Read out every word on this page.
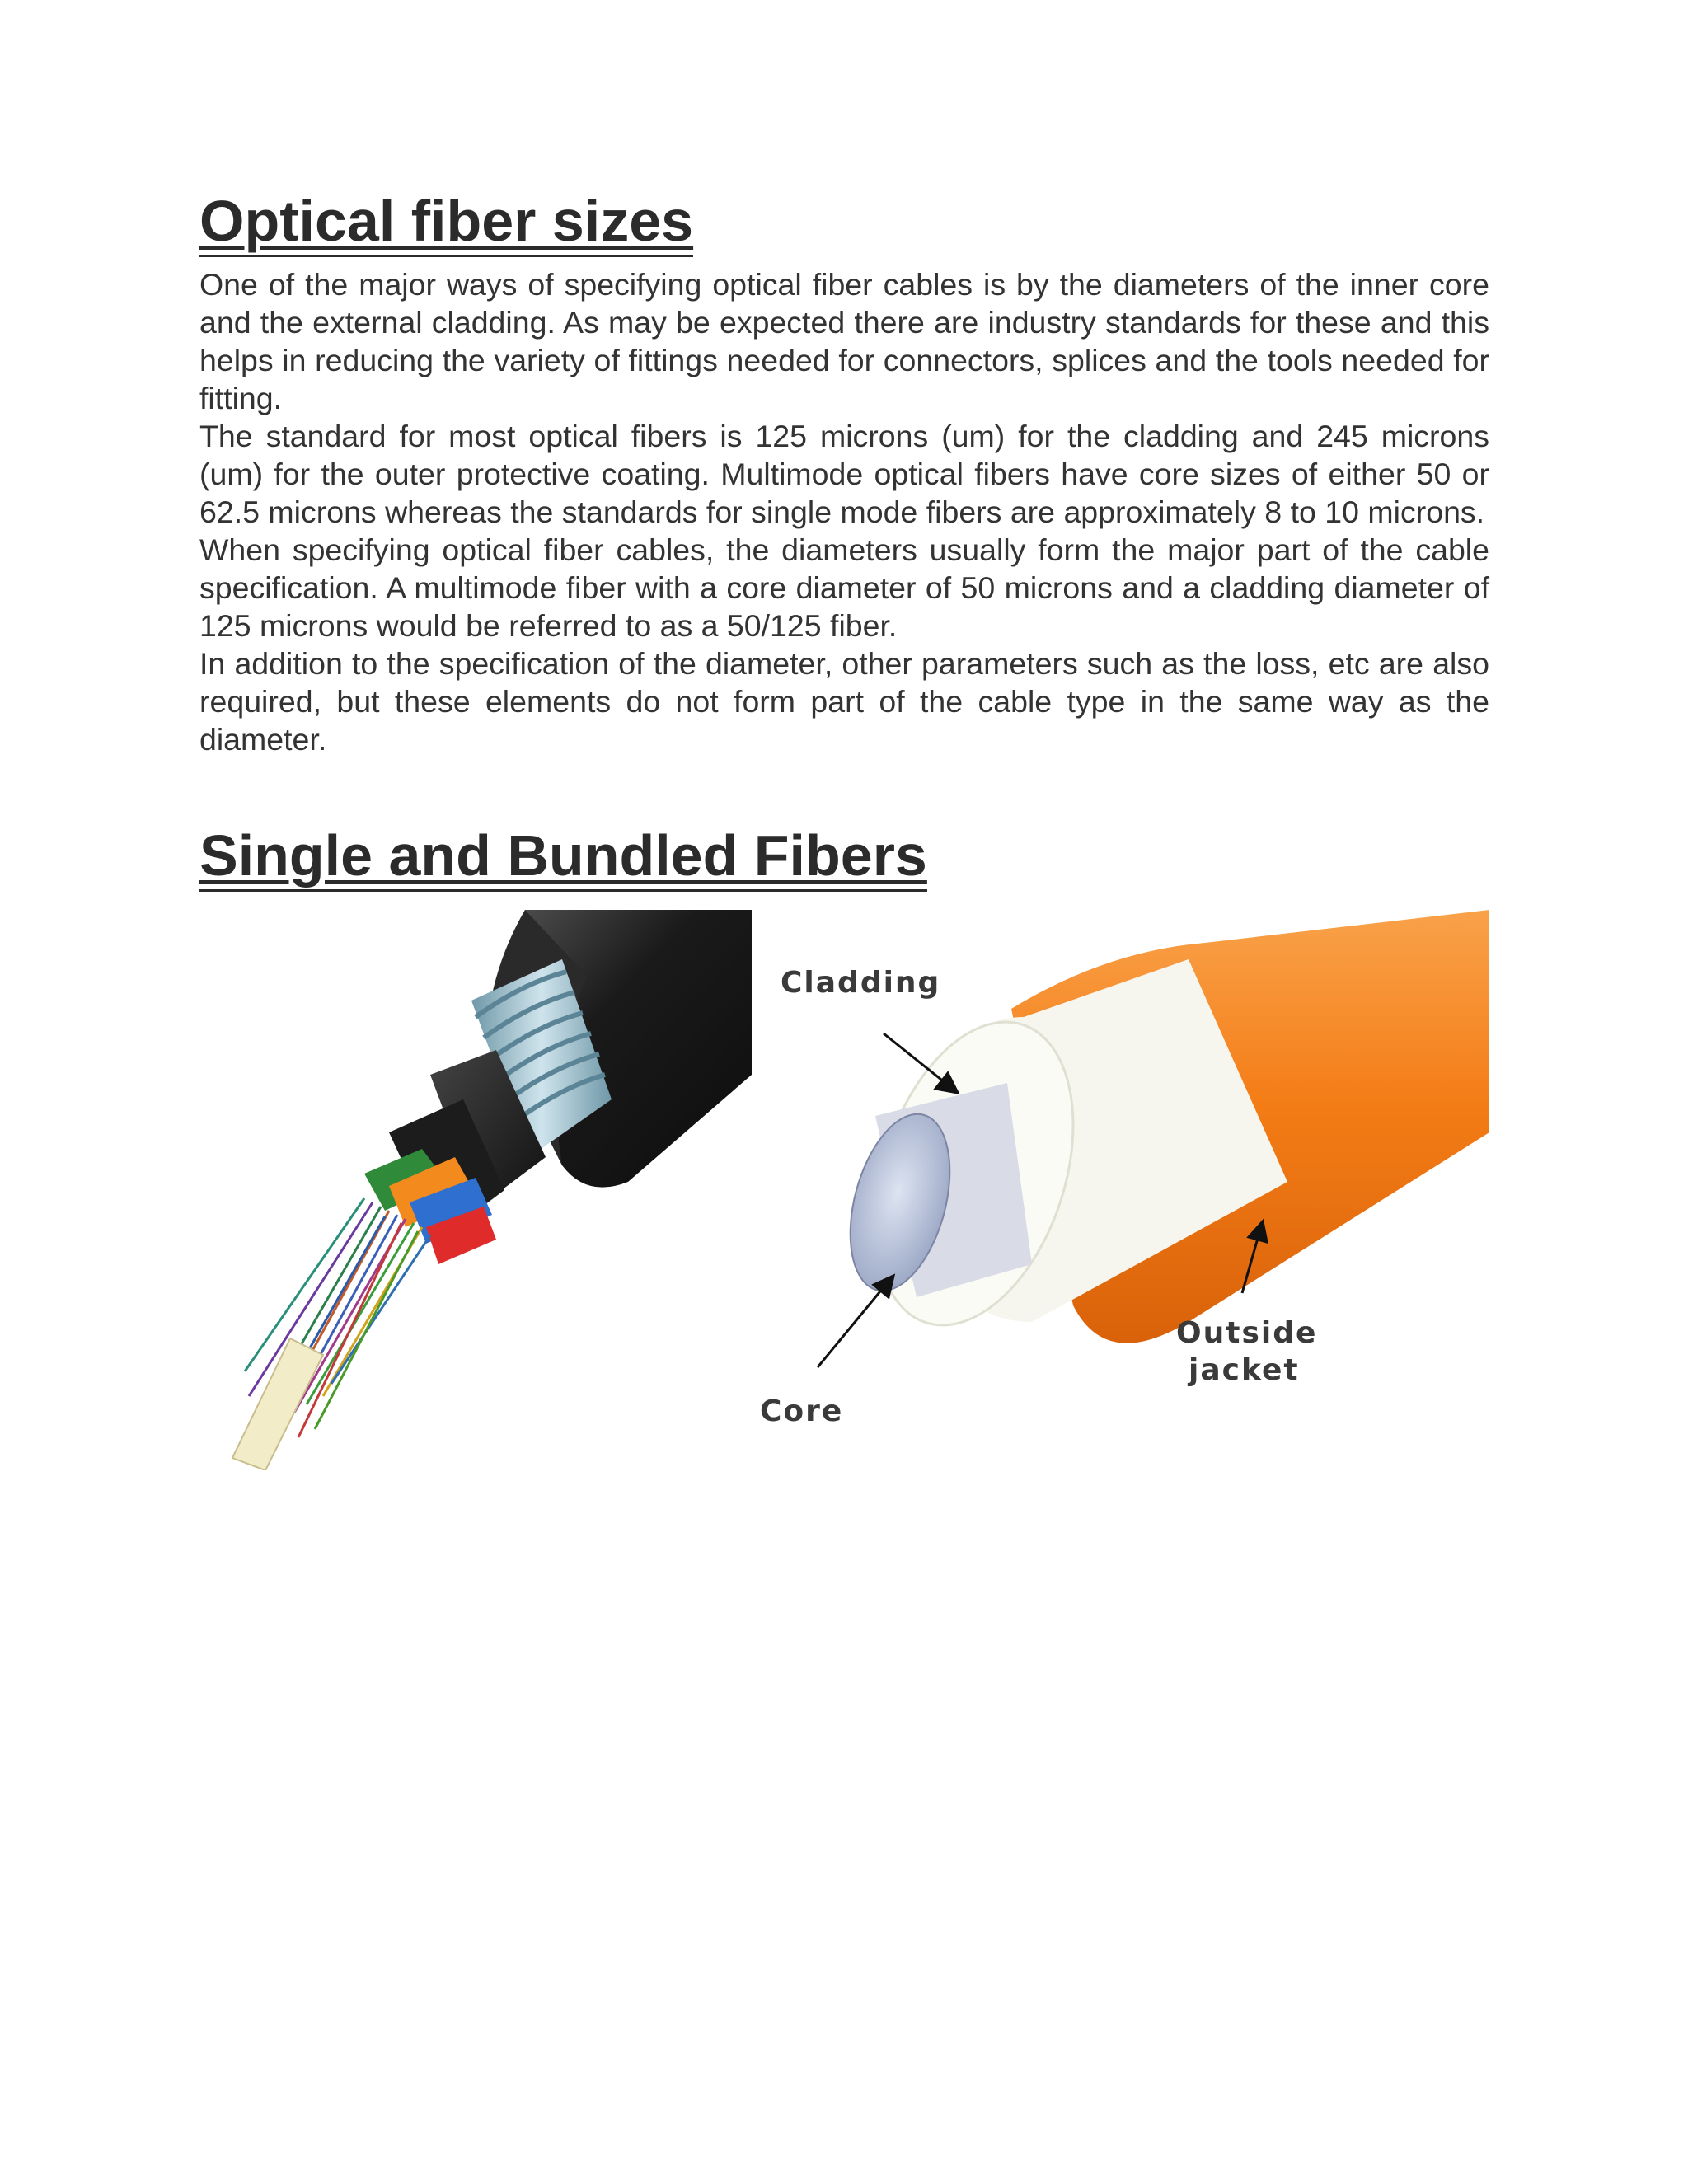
Optical fiber sizes

One of the major ways of specifying optical fiber cables is by the diameters of the inner core and the external cladding. As may be expected there are industry standards for these and this helps in reducing the variety of fittings needed for connectors, splices and the tools needed for fitting.

The standard for most optical fibers is 125 microns (um) for the cladding and 245 microns (um) for the outer protective coating. Multimode optical fibers have core sizes of either 50 or 62.5 microns whereas the standards for single mode fibers are approximately 8 to 10 microns.

When specifying optical fiber cables, the diameters usually form the major part of the cable specification. A multimode fiber with a core diameter of 50 microns and a cladding diameter of 125 microns would be referred to as a 50/125 fiber.

In addition to the specification of the diameter, other parameters such as the loss, etc are also required, but these elements do not form part of the cable type in the same way as the diameter.

Single and Bundled Fibers
Cladding
Core
Outside
jacket
